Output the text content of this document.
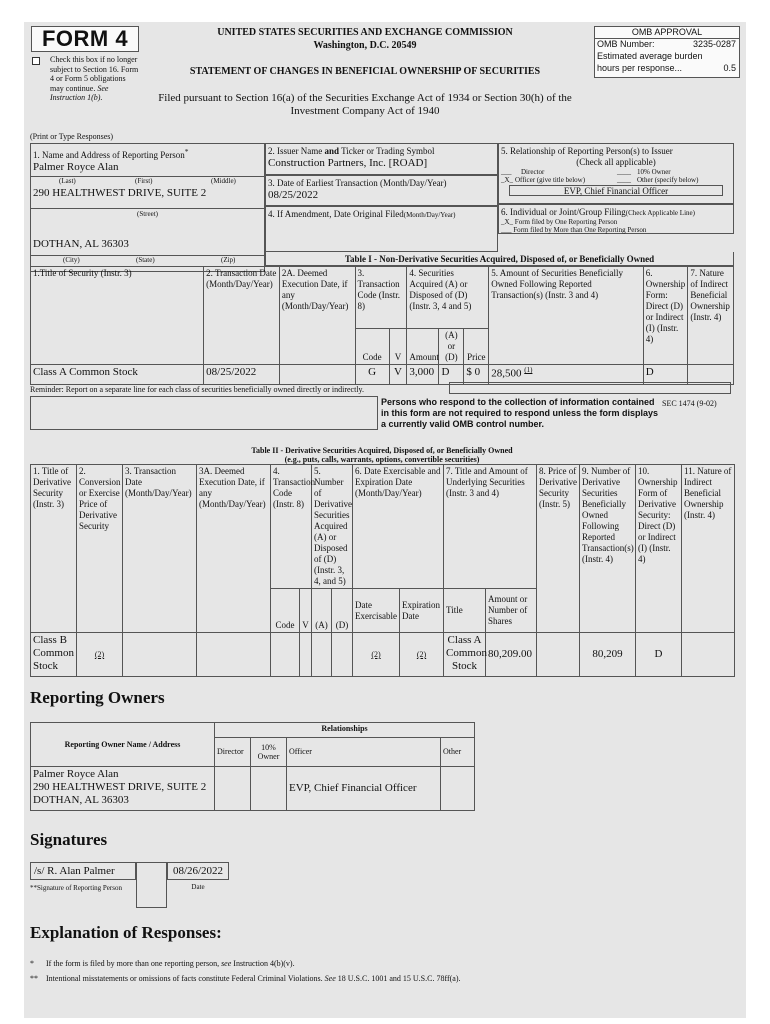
FORM 4
Check this box if no longer subject to Section 16. Form 4 or Form 5 obligations may continue. See Instruction 1(b).
UNITED STATES SECURITIES AND EXCHANGE COMMISSION
Washington, D.C. 20549
STATEMENT OF CHANGES IN BENEFICIAL OWNERSHIP OF SECURITIES
Filed pursuant to Section 16(a) of the Securities Exchange Act of 1934 or Section 30(h) of the Investment Company Act of 1940
OMB APPROVAL
OMB Number:	3235-0287
Estimated average burden
hours per response...	0.5
(Print or Type Responses)
1. Name and Address of Reporting Person*
Palmer Royce Alan
(Last)	(First)	(Middle)
290 HEALTHWEST DRIVE, SUITE 2
(Street)
DOTHAN, AL 36303
(City)	(State)	(Zip)
2. Issuer Name and Ticker or Trading Symbol
Construction Partners, Inc. [ROAD]
3. Date of Earliest Transaction (Month/Day/Year)
08/25/2022
4. If Amendment, Date Original Filed(Month/Day/Year)
5. Relationship of Reporting Person(s) to Issuer
(Check all applicable)
___ Director	____ 10% Owner
_X_ Officer (give title below)	____ Other (specify below)
EVP, Chief Financial Officer
6. Individual or Joint/Group Filing(Check Applicable Line)
_X_ Form filed by One Reporting Person
___ Form filed by More than One Reporting Person
Table I - Non-Derivative Securities Acquired, Disposed of, or Beneficially Owned
1.Title of Security (Instr. 3)	2. Transaction Date (Month/Day/Year)	2A. Deemed Execution Date, if any (Month/Day/Year)	3. Transaction Code (Instr. 8)		4. Securities Acquired (A) or Disposed of (D) (Instr. 3, 4 and 5)			5. Amount of Securities Beneficially Owned Following Reported Transaction(s) (Instr. 3 and 4)	6. Ownership Form: Direct (D) or Indirect (I) (Instr. 4)	7. Nature of Indirect Beneficial Ownership (Instr. 4)
			Code	V	Amount	(A) or (D)	Price			
Class A Common Stock	08/25/2022		G	V	3,000	D	$ 0	28,500 $^{(1)}$	D	
Reminder: Report on a separate line for each class of securities beneficially owned directly or indirectly.
Persons who respond to the collection of information contained in this form are not required to respond unless the form displays a currently valid OMB control number.
SEC 1474 (9-02)
Table II - Derivative Securities Acquired, Disposed of, or Beneficially Owned
(e.g., puts, calls, warrants, options, convertible securities)
1. Title of Derivative Security (Instr. 3)	2. Conversion or Exercise Price of Derivative Security	3. Transaction Date (Month/Day/Year)	3A. Deemed Execution Date, if any (Month/Day/Year)	4. Transaction Code (Instr. 8)		5. Number of Derivative Securities Acquired (A) or Disposed of (D) (Instr. 3, 4, and 5)		6. Date Exercisable and Expiration Date (Month/Day/Year)		7. Title and Amount of Underlying Securities (Instr. 3 and 4)		8. Price of Derivative Security (Instr. 5)	9. Number of Derivative Securities Beneficially Owned Following Reported Transaction(s) (Instr. 4)	10. Ownership Form of Derivative Security: Direct (D) or Indirect (I) (Instr. 4)	11. Nature of Indirect Beneficial Ownership (Instr. 4)
				Code	V	(A)	(D)	Date Exercisable	Expiration Date	Title	Amount or Number of Shares				
Class B Common Stock	(2)							(2)	(2)	Class A Common Stock	80,209.00		80,209	D	
Reporting Owners
Reporting Owner Name / Address	Relationships			
	Director	10% Owner	Officer	Other

Palmer Royce Alan
290 HEALTHWEST DRIVE, SUITE 2
DOTHAN, AL 36303			EVP, Chief Financial Officer	
Signatures
/s/ R. Alan Palmer
**Signature of Reporting Person
08/26/2022
Date
Explanation of Responses:
* If the form is filed by more than one reporting person, see Instruction 4(b)(v).
** Intentional misstatements or omissions of facts constitute Federal Criminal Violations. See 18 U.S.C. 1001 and 15 U.S.C. 78ff(a).
